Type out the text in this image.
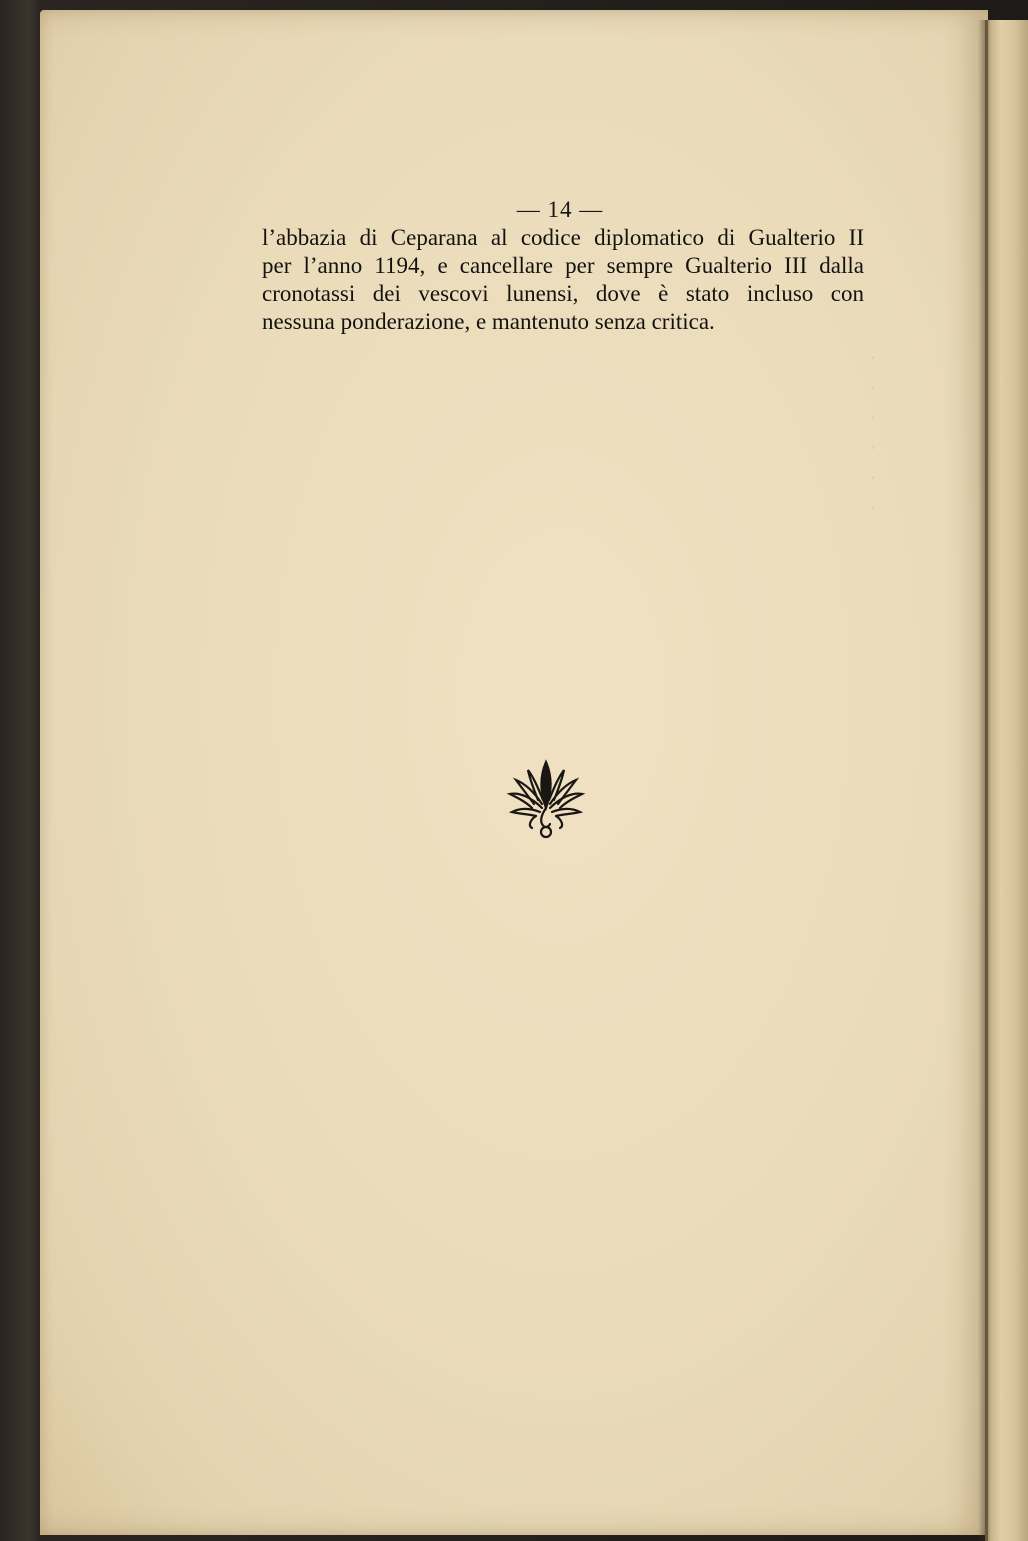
— 14 —
l’abbazia di Ceparana al codice diplomatico di Gualterio II
per l’anno 1194, e cancellare per sempre Gualterio III dalla
cronotassi dei vescovi lunensi, dove è stato incluso con
nessuna ponderazione, e mantenuto senza critica.
